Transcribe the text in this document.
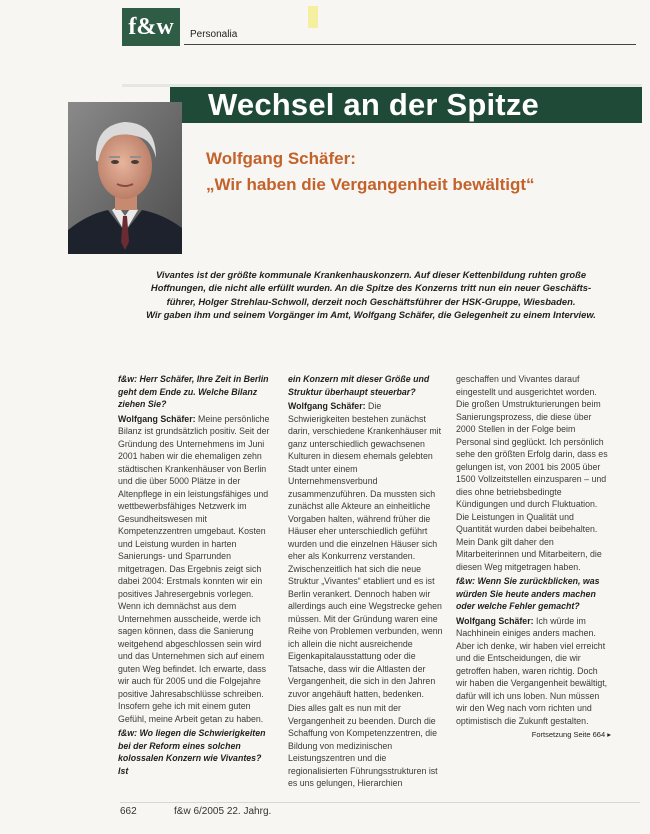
f&w	Personalia
Wechsel an der Spitze
Wolfgang Schäfer:
„Wir haben die Vergangenheit bewältigt“
Vivantes ist der größte kommunale Krankenhauskonzern. Auf dieser Kettenbildung ruhten große
Hoffnungen, die nicht alle erfüllt wurden. An die Spitze des Konzerns tritt nun ein neuer Geschäfts-
führer, Holger Strehlau-Schwoll, derzeit noch Geschäftsführer der HSK-Gruppe, Wiesbaden.
Wir gaben ihm und seinem Vorgänger im Amt, Wolfgang Schäfer, die Gelegenheit zu einem Interview.

f&w: Herr Schäfer, Ihre Zeit in Berlin geht dem Ende zu. Welche Bilanz ziehen Sie?

Wolfgang Schäfer: Meine persönliche Bilanz ist grundsätzlich positiv. Seit der Gründung des Unternehmens im Juni 2001 haben wir die ehemaligen zehn städtischen Krankenhäuser von Berlin und die über 5000 Plätze in der Altenpflege in ein leistungsfähiges und wettbewerbsfähiges Netzwerk im Gesundheitswesen mit Kompetenzzentren umgebaut. Kosten und Leistung wurden in harten Sanierungs- und Sparrunden mitgetragen. Das Ergebnis zeigt sich dabei 2004: Erstmals konnten wir ein positives Jahresergebnis vorlegen. Wenn ich demnächst aus dem Unternehmen ausscheide, werde ich sagen können, dass die Sanierung weitgehend abgeschlossen sein wird und das Unternehmen sich auf einem guten Weg befindet. Ich erwarte, dass wir auch für 2005 und die Folgejahre positive Jahresabschlüsse schreiben. Insofern gehe ich mit einem guten Gefühl, meine Arbeit getan zu haben.

f&w: Wo liegen die Schwierigkeiten bei der Reform eines solchen kolossalen Konzern wie Vivantes? Ist

ein Konzern mit dieser Größe und Struktur überhaupt steuerbar?

Wolfgang Schäfer: Die Schwierigkeiten bestehen zunächst darin, verschiedene Krankenhäuser mit ganz unterschiedlich gewachsenen Kulturen in diesem ehemals gelebten Stadt unter einem Unternehmensverbund zusammenzuführen. Da mussten sich zunächst alle Akteure an einheitliche Vorgaben halten, während früher die Häuser eher unterschiedlich geführt wurden und die einzelnen Häuser sich eher als Konkurrenz verstanden. Zwischenzeitlich hat sich die neue Struktur „Vivantes“ etabliert und es ist Berlin verankert. Dennoch haben wir allerdings auch eine Wegstrecke gehen müssen. Mit der Gründung waren eine Reihe von Problemen verbunden, wenn ich allein die nicht ausreichende Eigenkapitalausstattung oder die Tatsache, dass wir die Altlasten der Vergangenheit, die sich in den Jahren zuvor angehäuft hatten, bedenken.

Dies alles galt es nun mit der Vergangenheit zu beenden. Durch die Schaffung von Kompetenzzentren, die Bildung von medizinischen Leistungszentren und die regionalisierten Führungsstrukturen ist es uns gelungen, Hierarchien

geschaffen und Vivantes darauf eingestellt und ausgerichtet worden. Die großen Umstrukturierungen beim Sanierungsprozess, die diese über 2000 Stellen in der Folge beim Personal sind geglückt. Ich persönlich sehe den größten Erfolg darin, dass es gelungen ist, von 2001 bis 2005 über 1500 Vollzeitstellen einzusparen – und dies ohne betriebsbedingte Kündigungen und durch Fluktuation. Die Leistungen in Qualität und Quantität wurden dabei beibehalten. Mein Dank gilt daher den Mitarbeiterinnen und Mitarbeitern, die diesen Weg mitgetragen haben.

f&w: Wenn Sie zurückblicken, was würden Sie heute anders machen oder welche Fehler gemacht?

Wolfgang Schäfer: Ich würde im Nachhinein einiges anders machen. Aber ich denke, wir haben viel erreicht und die Entscheidungen, die wir getroffen haben, waren richtig. Doch wir haben die Vergangenheit bewältigt, dafür will ich uns loben. Nun müssen wir den Weg nach vorn richten und optimistisch die Zukunft gestalten.
Fortsetzung Seite 664 ▸

662	f&w 6/2005 22. Jahrg.
